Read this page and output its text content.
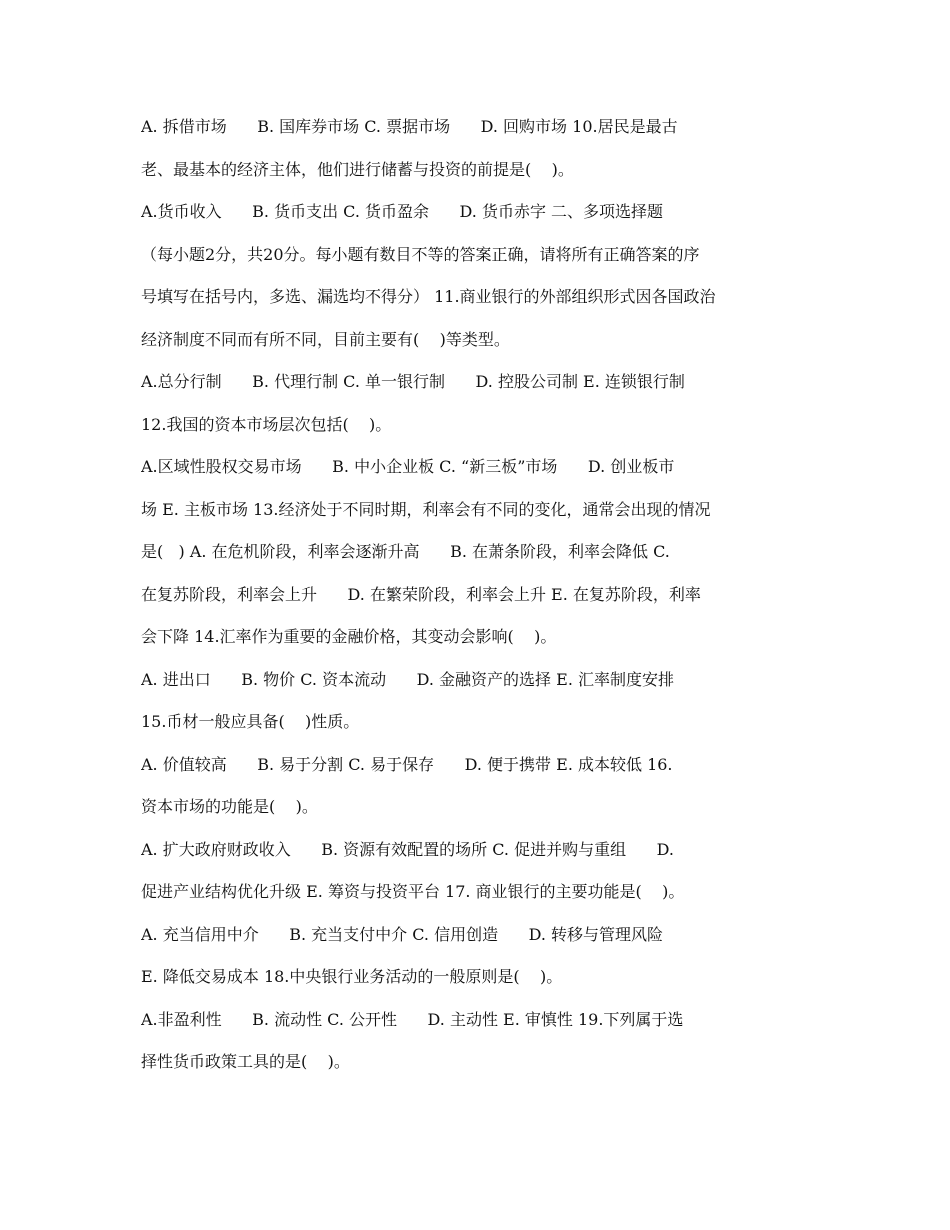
A. 拆借市场      B. 国库券市场 C. 票据市场      D. 回购市场 10.居民是最古
老、最基本的经济主体，他们进行储蓄与投资的前提是(    )。
A.货币收入      B. 货币支出 C. 货币盈余      D. 货币赤字 二、多项选择题
（每小题2分，共20分。每小题有数目不等的答案正确，请将所有正确答案的序
号填写在括号内，多选、漏选均不得分） 11.商业银行的外部组织形式因各国政治
经济制度不同而有所不同，目前主要有(    )等类型。
A.总分行制      B. 代理行制 C. 单一银行制      D. 控股公司制 E. 连锁银行制
12.我国的资本市场层次包括(    )。
A.区域性股权交易市场      B. 中小企业板 C. “新三板”市场      D. 创业板市
场 E. 主板市场 13.经济处于不同时期，利率会有不同的变化，通常会出现的情况
是(   ) A. 在危机阶段，利率会逐渐升高      B. 在萧条阶段，利率会降低 C.
在复苏阶段，利率会上升      D. 在繁荣阶段，利率会上升 E. 在复苏阶段，利率
会下降 14.汇率作为重要的金融价格，其变动会影响(    )。
A. 进出口      B. 物价 C. 资本流动      D. 金融资产的选择 E. 汇率制度安排
15.币材一般应具备(    )性质。
A. 价值较高      B. 易于分割 C. 易于保存      D. 便于携带 E. 成本较低 16.
资本市场的功能是(    )。
A. 扩大政府财政收入      B. 资源有效配置的场所 C. 促进并购与重组      D.
促进产业结构优化升级 E. 筹资与投资平台 17. 商业银行的主要功能是(    )。
A. 充当信用中介      B. 充当支付中介 C. 信用创造      D. 转移与管理风险
E. 降低交易成本 18.中央银行业务活动的一般原则是(    )。
A.非盈利性      B. 流动性 C. 公开性      D. 主动性 E. 审慎性 19.下列属于选
择性货币政策工具的是(    )。
